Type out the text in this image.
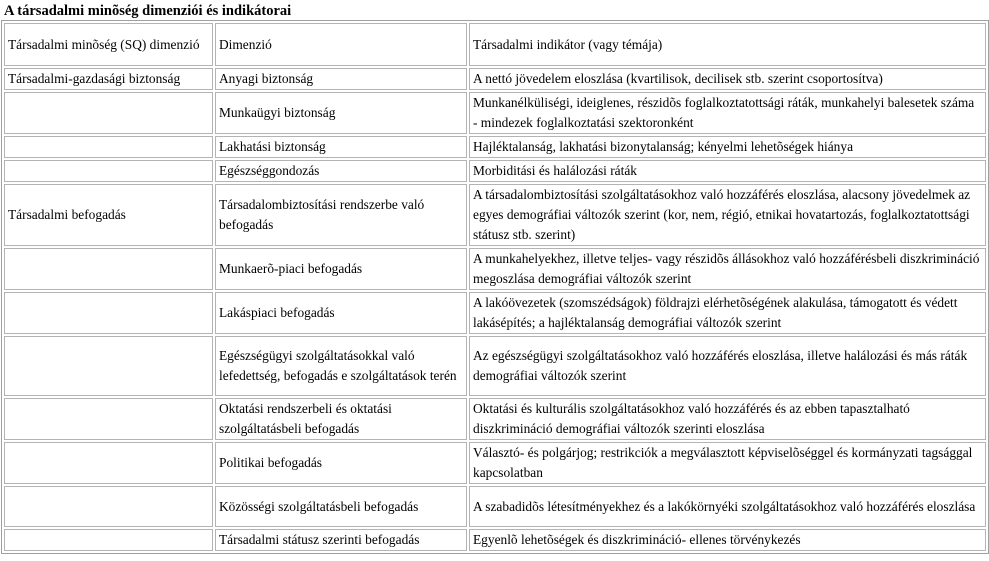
A társadalmi minõség dimenziói és indikátorai
Társadalmi minõség (SQ) dimenzió	Dimenzió	Társadalmi indikátor (vagy témája)
Társadalmi-gazdasági biztonság	Anyagi biztonság	A nettó jövedelem eloszlása (kvartilisok, decilisek stb. szerint csoportosítva)
	Munkaügyi biztonság	Munkanélküliségi, ideiglenes, részidõs foglalkoztatottsági ráták, munkahelyi balesetek száma - mindezek foglalkoztatási szektoronként
	Lakhatási biztonság	Hajléktalanság, lakhatási bizonytalanság; kényelmi lehetõségek hiánya
	Egészséggondozás	Morbiditási és halálozási ráták
Társadalmi befogadás	Társadalombiztosítási rendszerbe való befogadás	A társadalombiztosítási szolgáltatásokhoz való hozzáférés eloszlása, alacsony jövedelmek az egyes demográfiai változók szerint (kor, nem, régió, etnikai hovatartozás, foglalkoztatottsági státusz stb. szerint)
	Munkaerõ-piaci befogadás	A munkahelyekhez, illetve teljes- vagy részidõs állásokhoz való hozzáférésbeli diszkrimináció megoszlása demográfiai változók szerint
	Lakáspiaci befogadás	A lakóövezetek (szomszédságok) földrajzi elérhetõségének alakulása, támogatott és védett lakásépítés; a hajléktalanság demográfiai változók szerint
	Egészségügyi szolgáltatásokkal való lefedettség, befogadás e szolgáltatások terén	Az egészségügyi szolgáltatásokhoz való hozzáférés eloszlása, illetve halálozási és más ráták demográfiai változók szerint
	Oktatási rendszerbeli és oktatási szolgáltatásbeli befogadás	Oktatási és kulturális szolgáltatásokhoz való hozzáférés és az ebben tapasztalható diszkrimináció demográfiai változók szerinti eloszlása
	Politikai befogadás	Választó- és polgárjog; restrikciók a megválasztott képviselõséggel és kormányzati tagsággal kapcsolatban
	Közösségi szolgáltatásbeli befogadás	A szabadidõs létesítményekhez és a lakókörnyéki szolgáltatásokhoz való hozzáférés eloszlása
	Társadalmi státusz szerinti befogadás	Egyenlõ lehetõségek és diszkrimináció- ellenes törvénykezés
